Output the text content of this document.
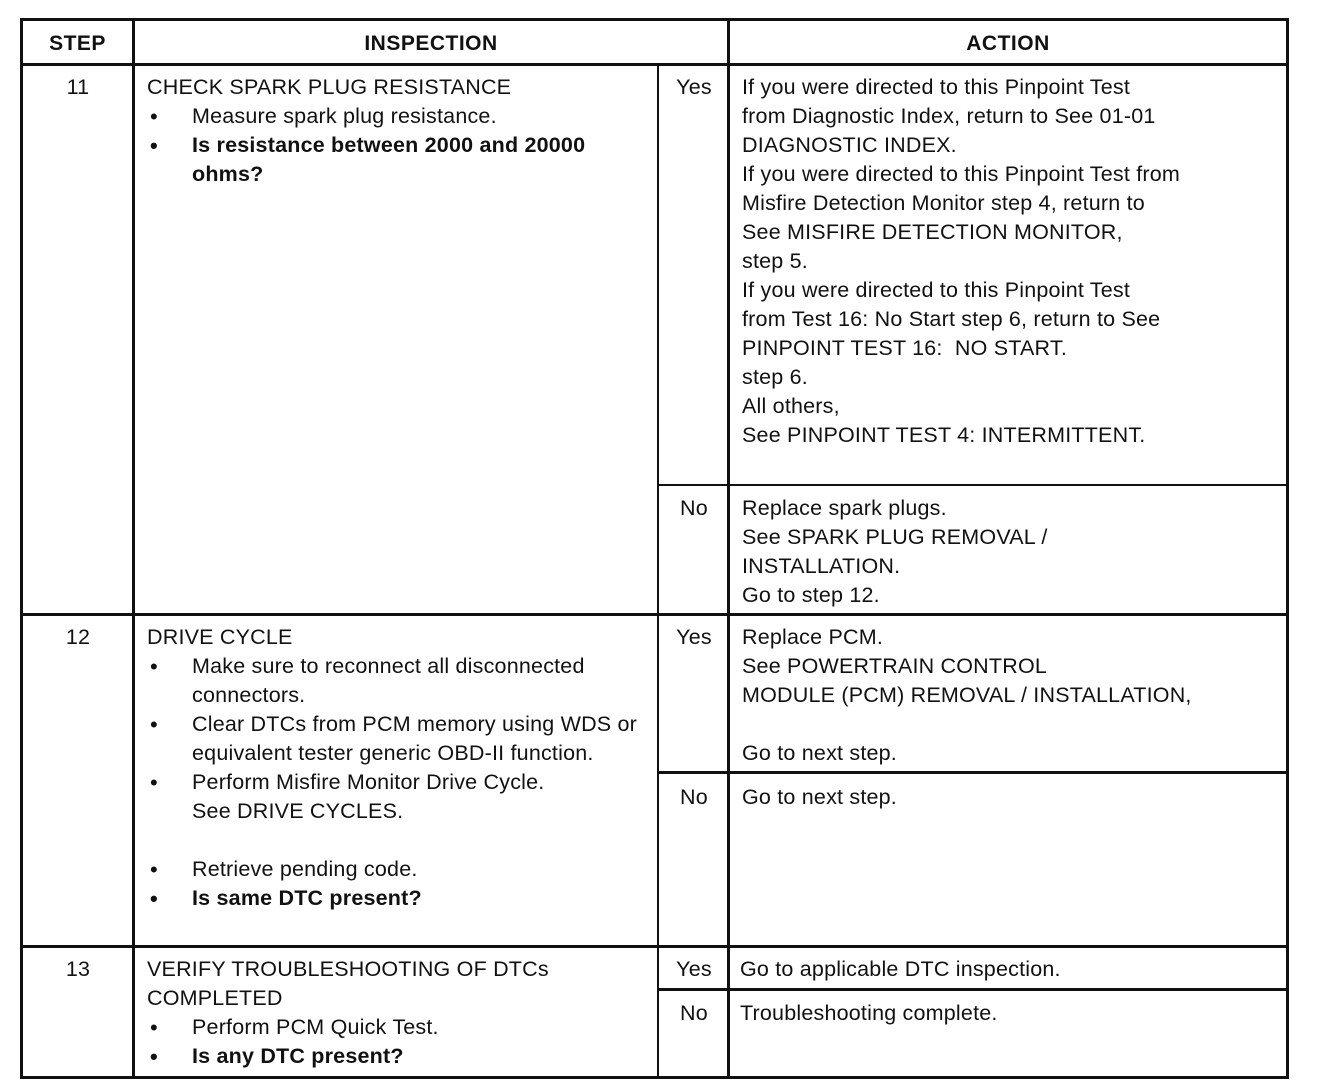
STEP	INSPECTION	ACTION
11	CHECK SPARK PLUG RESISTANCE
• Measure spark plug resistance.
• Is resistance between 2000 and 20000 ohms?
Yes	If you were directed to this Pinpoint Test
from Diagnostic Index, return to See 01-01
DIAGNOSTIC INDEX.
If you were directed to this Pinpoint Test from
Misfire Detection Monitor step 4, return to
See MISFIRE DETECTION MONITOR,
step 5.
If you were directed to this Pinpoint Test
from Test 16: No Start step 6, return to See
PINPOINT TEST 16:  NO START.
step 6.
All others,
See PINPOINT TEST 4: INTERMITTENT.
No	Replace spark plugs.
See SPARK PLUG REMOVAL /
INSTALLATION.
Go to step 12.
12	DRIVE CYCLE
• Make sure to reconnect all disconnected connectors.
• Clear DTCs from PCM memory using WDS or equivalent tester generic OBD-II function.
• Perform Misfire Monitor Drive Cycle.
See DRIVE CYCLES.
• Retrieve pending code.
• Is same DTC present?
Yes	Replace PCM.
See POWERTRAIN CONTROL
MODULE (PCM) REMOVAL / INSTALLATION,
Go to next step.
No	Go to next step.
13	VERIFY TROUBLESHOOTING OF DTCs COMPLETED
• Perform PCM Quick Test.
• Is any DTC present?
Yes	Go to applicable DTC inspection.
No	Troubleshooting complete.
